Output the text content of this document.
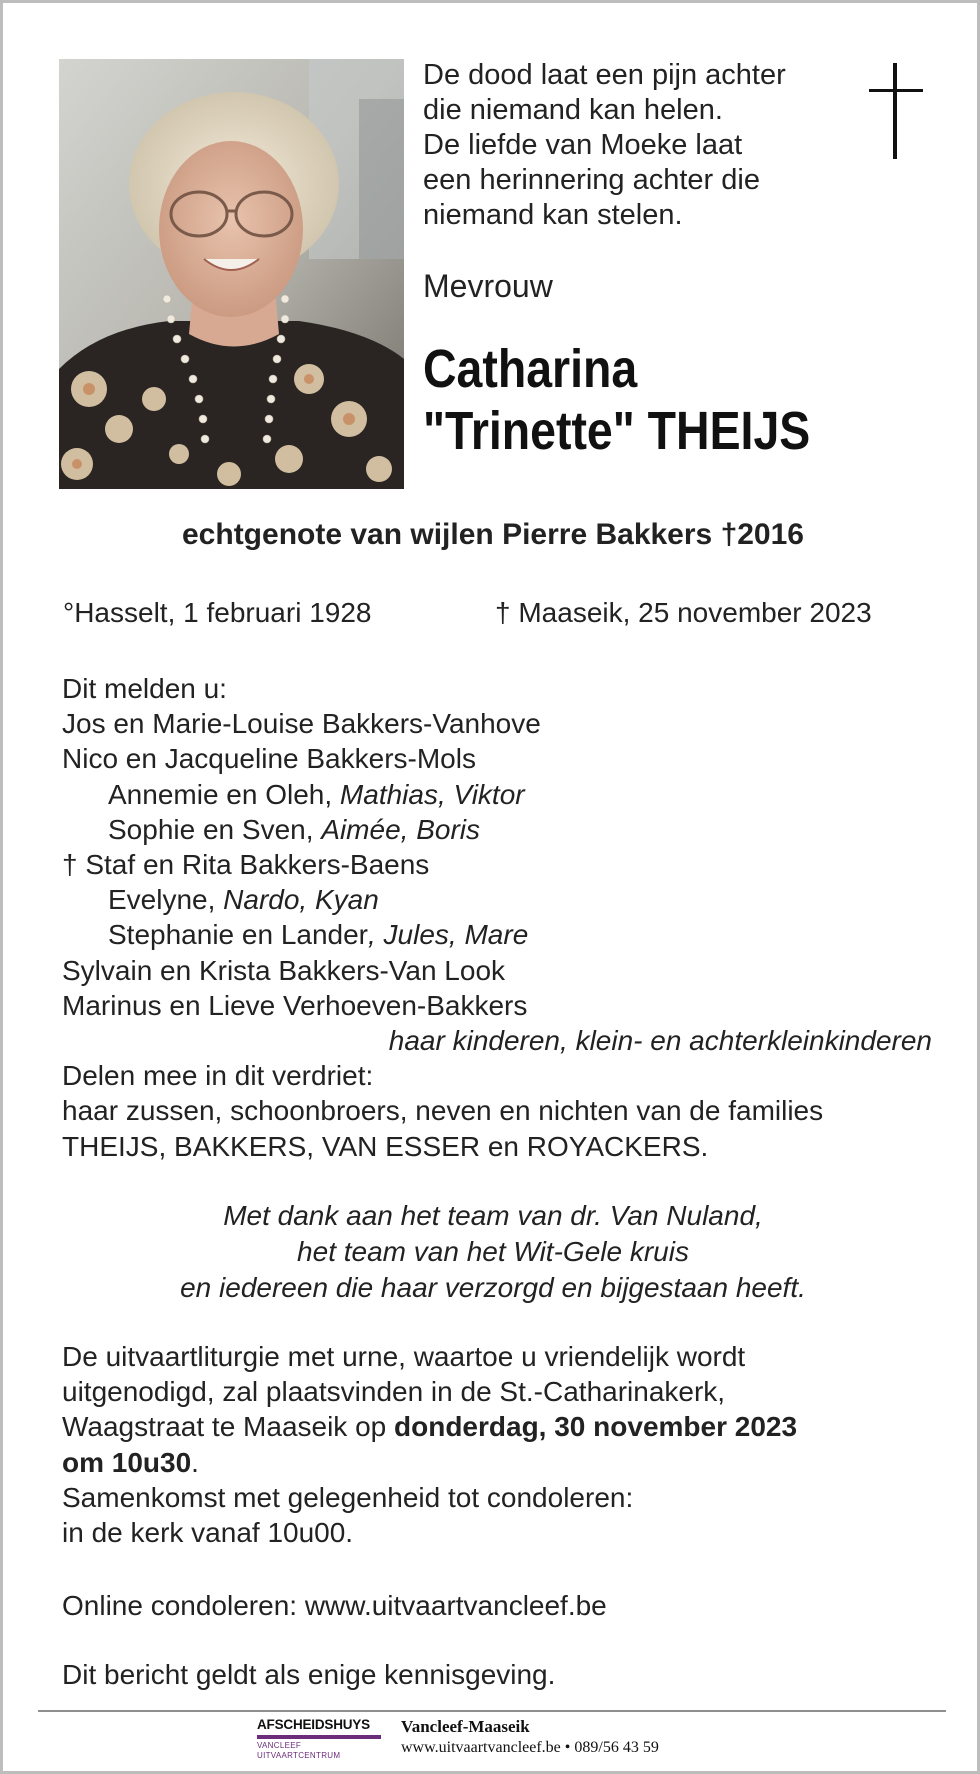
De dood laat een pijn achter
die niemand kan helen.
De liefde van Moeke laat
een herinnering achter die
niemand kan stelen.
Mevrouw
Catharina
"Trinette" THEIJS
echtgenote van wijlen Pierre Bakkers †2016
°Hasselt, 1 februari 1928	† Maaseik, 25 november 2023
Dit melden u:
Jos en Marie-Louise Bakkers-Vanhove
Nico en Jacqueline Bakkers-Mols
Annemie en Oleh, Mathias, Viktor
Sophie en Sven, Aimée, Boris
† Staf en Rita Bakkers-Baens
Evelyne, Nardo, Kyan
Stephanie en Lander, Jules, Mare
Sylvain en Krista Bakkers-Van Look
Marinus en Lieve Verhoeven-Bakkers
haar kinderen, klein- en achterkleinkinderen
Delen mee in dit verdriet:
haar zussen, schoonbroers, neven en nichten van de families
THEIJS, BAKKERS, VAN ESSER en ROYACKERS.
Met dank aan het team van dr. Van Nuland,
het team van het Wit-Gele kruis
en iedereen die haar verzorgd en bijgestaan heeft.
De uitvaartliturgie met urne, waartoe u vriendelijk wordt
uitgenodigd, zal plaatsvinden in de St.-Catharinakerk,
Waagstraat te Maaseik op donderdag, 30 november 2023
om 10u30.
Samenkomst met gelegenheid tot condoleren:
in de kerk vanaf 10u00.
Online condoleren: www.uitvaartvancleef.be
Dit bericht geldt als enige kennisgeving.
AFSCHEIDSHUYS
VANCLEEF UITVAARTCENTRUM
Vancleef-Maaseik
www.uitvaartvancleef.be • 089/56 43 59
